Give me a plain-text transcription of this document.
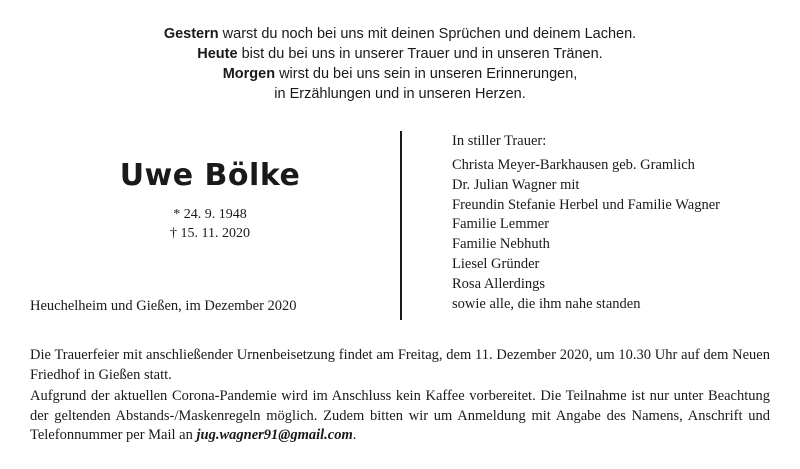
Gestern warst du noch bei uns mit deinen Sprüchen und deinem Lachen.
Heute bist du bei uns in unserer Trauer und in unseren Tränen.
Morgen wirst du bei uns sein in unseren Erinnerungen,
in Erzählungen und in unseren Herzen.
Uwe Bölke
* 24. 9. 1948
† 15. 11. 2020
Heuchelheim und Gießen, im Dezember 2020
In stiller Trauer:
Christa Meyer-Barkhausen geb. Gramlich
Dr. Julian Wagner mit
Freundin Stefanie Herbel und Familie Wagner
Familie Lemmer
Familie Nebhuth
Liesel Gründer
Rosa Allerdings
sowie alle, die ihm nahe standen

Die Trauerfeier mit anschließender Urnenbeisetzung findet am Freitag, dem 11. Dezember 2020, um 10.30 Uhr auf dem Neuen Friedhof in Gießen statt.

Aufgrund der aktuellen Corona-Pandemie wird im Anschluss kein Kaffee vorbereitet. Die Teilnahme ist nur unter Beachtung der geltenden Abstands-/Maskenregeln möglich. Zudem bitten wir um Anmeldung mit Angabe des Namens, Anschrift und Telefonnummer per Mail an jug.wagner91@gmail.com.
